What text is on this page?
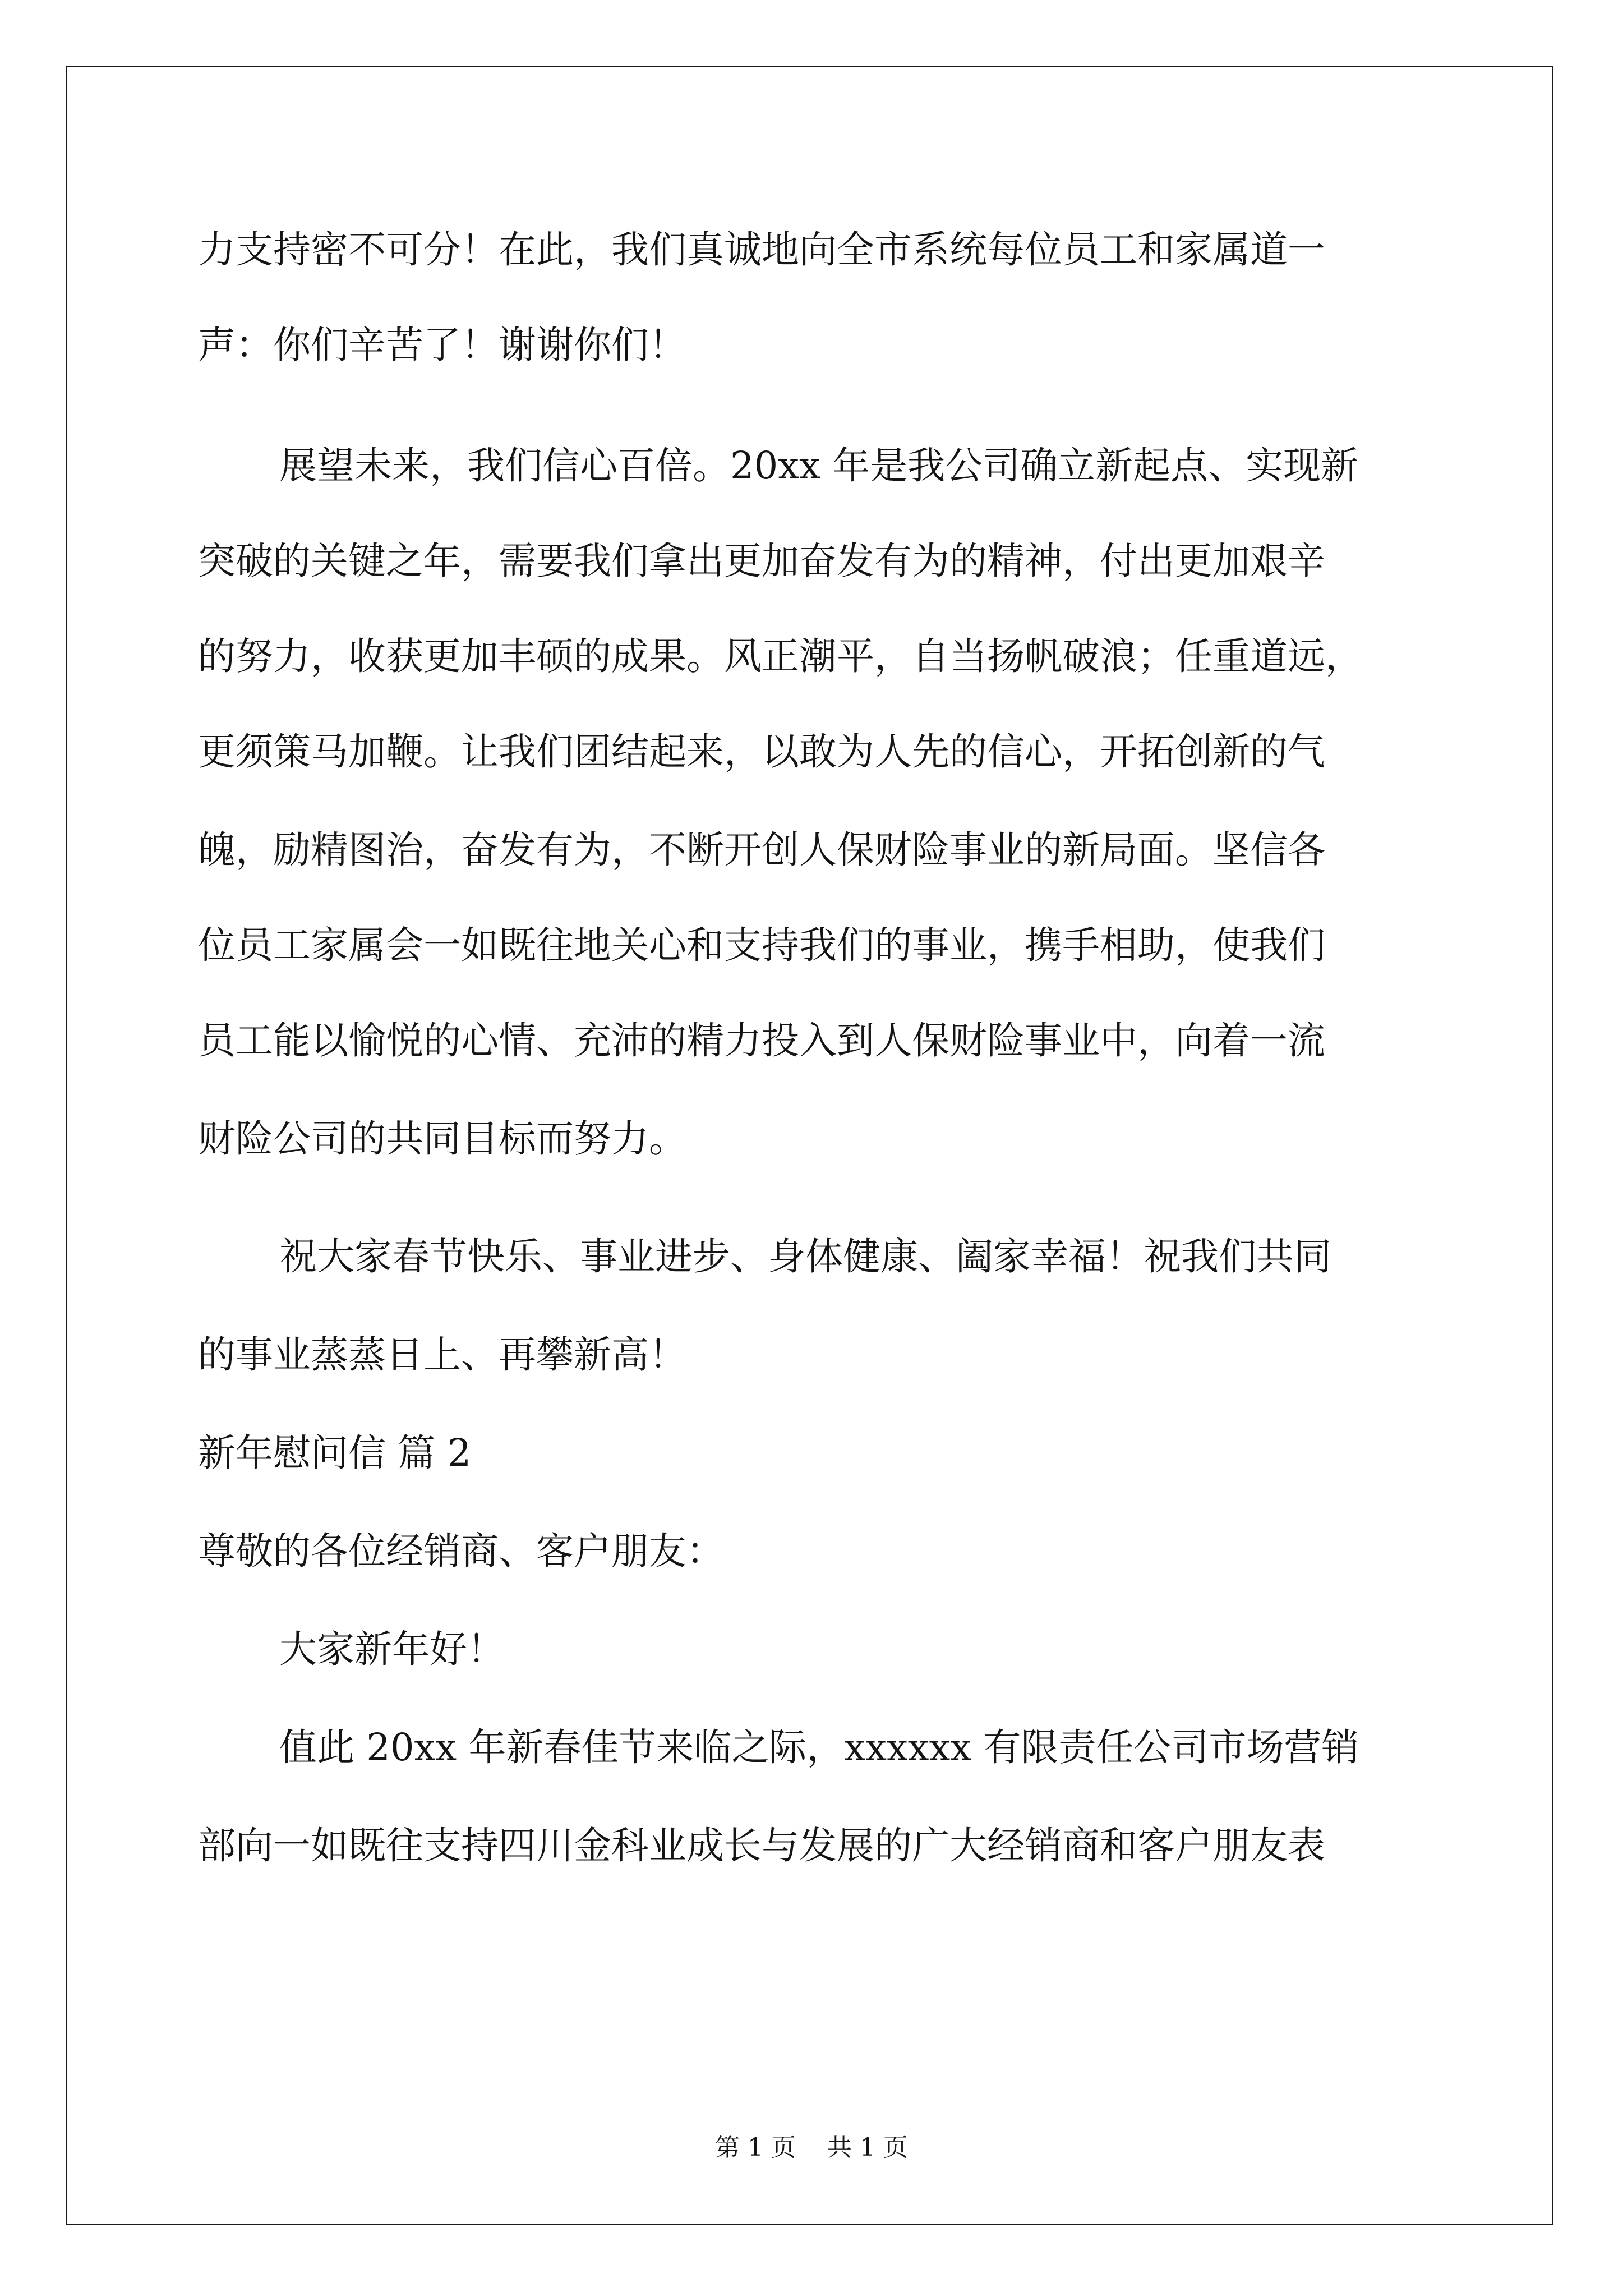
力支持密不可分！在此，我们真诚地向全市系统每位员工和家属道一
声：你们辛苦了！谢谢你们！
展望未来，我们信心百倍。20xx 年是我公司确立新起点、实现新
突破的关键之年，需要我们拿出更加奋发有为的精神，付出更加艰辛
的努力，收获更加丰硕的成果。风正潮平，自当扬帆破浪；任重道远，
更须策马加鞭。让我们团结起来，以敢为人先的信心，开拓创新的气
魄，励精图治，奋发有为，不断开创人保财险事业的新局面。坚信各
位员工家属会一如既往地关心和支持我们的事业，携手相助，使我们
员工能以愉悦的心情、充沛的精力投入到人保财险事业中，向着一流
财险公司的共同目标而努力。
祝大家春节快乐、事业进步、身体健康、阖家幸福！祝我们共同
的事业蒸蒸日上、再攀新高！
新年慰问信 篇 2
尊敬的各位经销商、客户朋友：
大家新年好！
值此 20xx 年新春佳节来临之际，xxxxxx 有限责任公司市场营销
部向一如既往支持四川金科业成长与发展的广大经销商和客户朋友表
第 1 页    共 1 页
